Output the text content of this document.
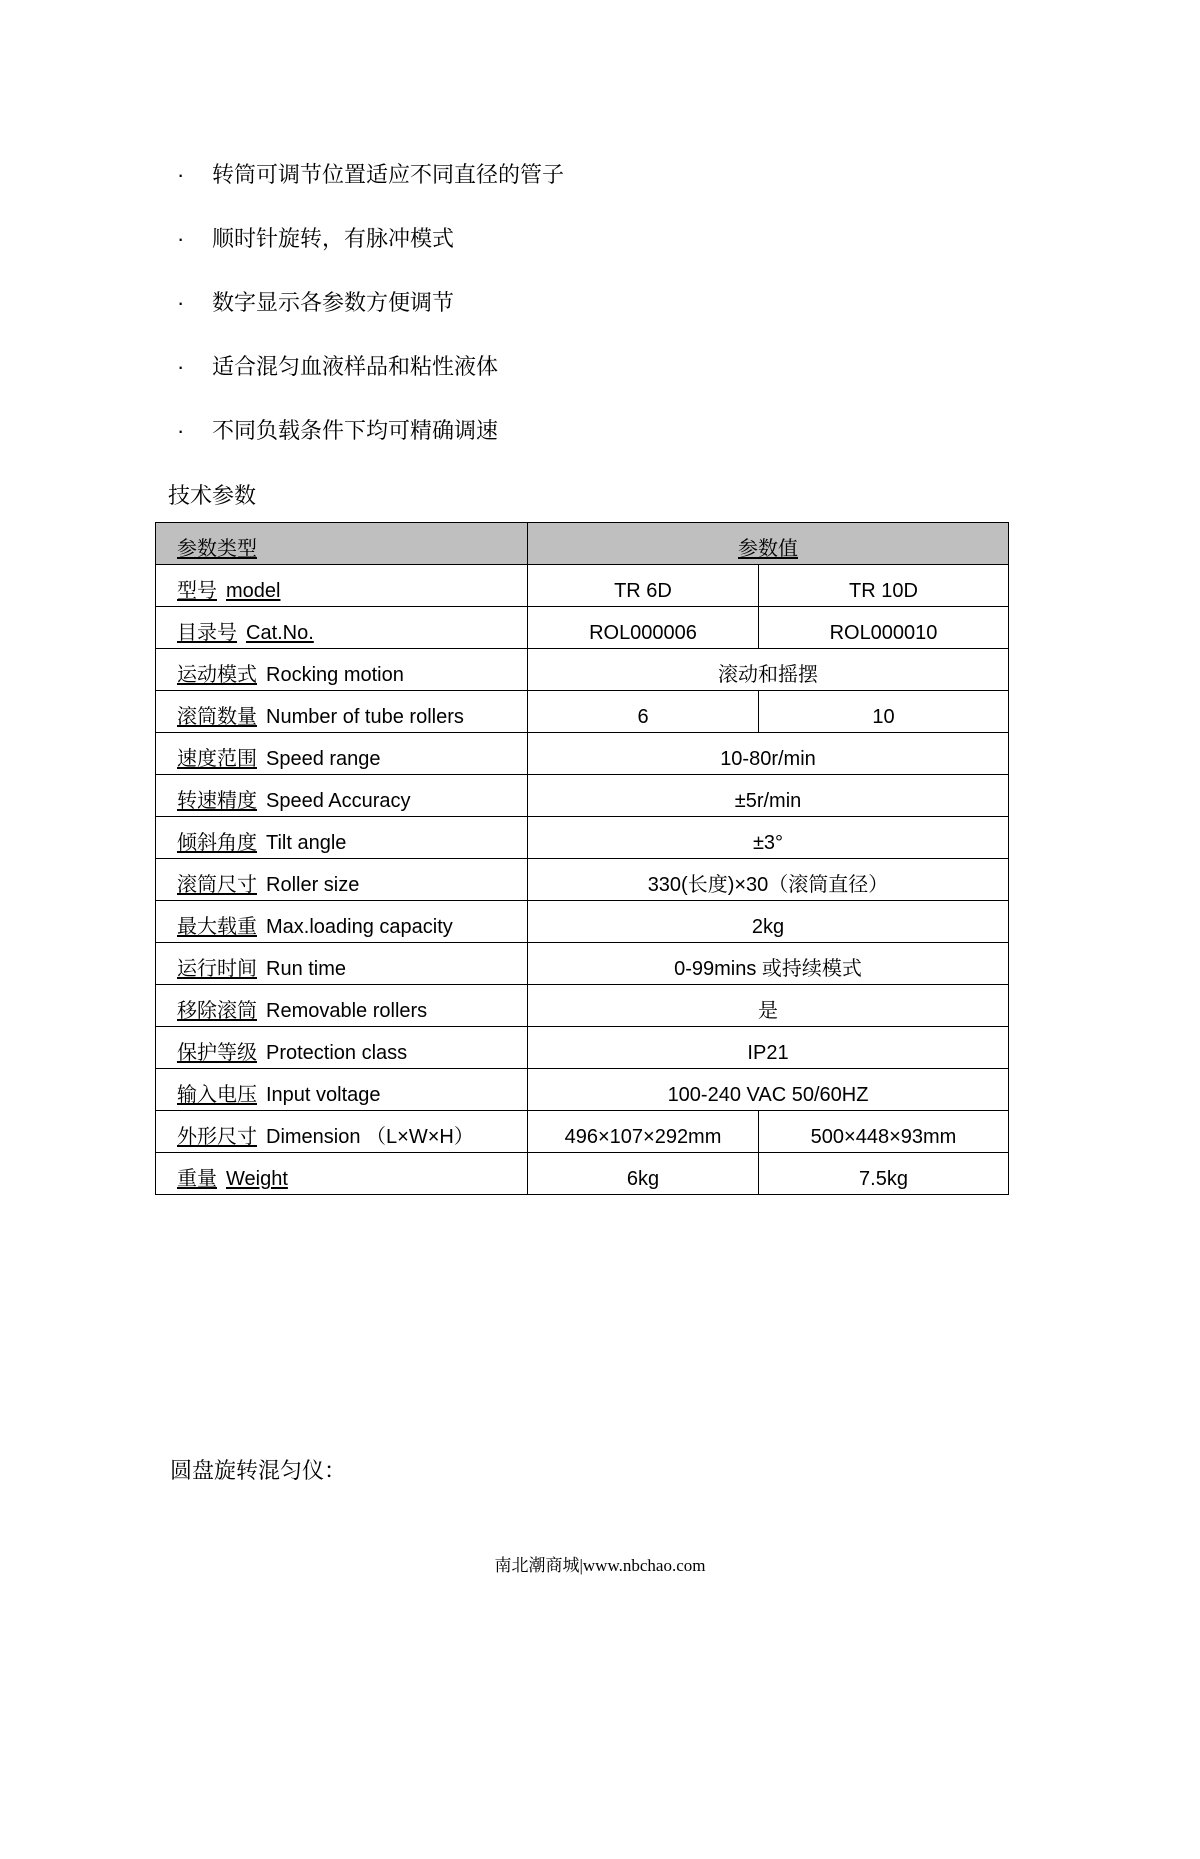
· 转筒可调节位置适应不同直径的管子
· 顺时针旋转，有脉冲模式
· 数字显示各参数方便调节
· 适合混匀血液样品和粘性液体
· 不同负载条件下均可精确调速
技术参数
参数类型	参数值	
型号 model	TR 6D	TR 10D
目录号 Cat.No.	ROL000006	ROL000010
运动模式 Rocking motion	滚动和摇摆	
滚筒数量 Number of tube rollers	6	10
速度范围 Speed range	10-80r/min	
转速精度 Speed Accuracy	±5r/min	
倾斜角度 Tilt angle	±3°	
滚筒尺寸 Roller size	330(长度)×30（滚筒直径）	
最大载重 Max.loading capacity	2kg	
运行时间 Run time	0-99mins 或持续模式	
移除滚筒 Removable rollers	是	
保护等级 Protection class	IP21	
输入电压 Input voltage	100-240 VAC 50/60HZ	
外形尺寸 Dimension （L×W×H）	496×107×292mm	500×448×93mm
重量 Weight	6kg	7.5kg
圆盘旋转混匀仪：
南北潮商城|www.nbchao.com
